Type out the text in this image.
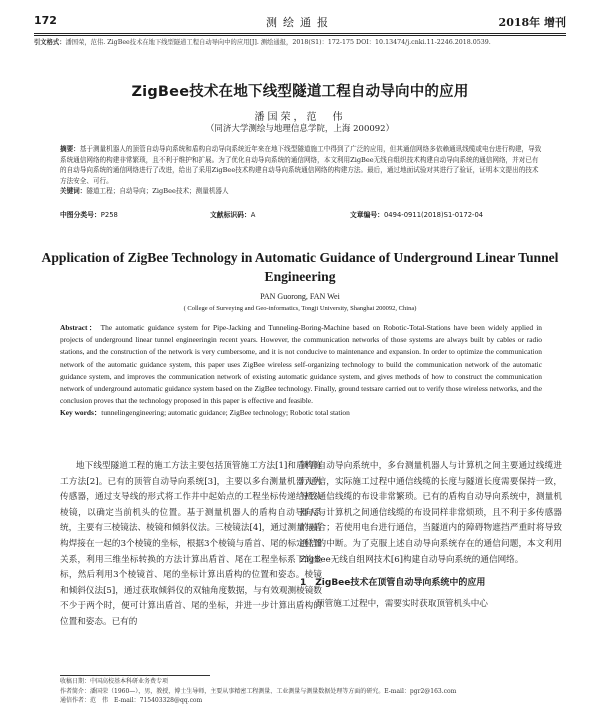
172	测绘通报	2018年 增刊
引文格式：潘国荣，范伟. ZigBee技术在地下线型隧道工程自动导向中的应用[J]. 测绘通报，2018(S1)：172-175 DOI：10.13474/j.cnki.11-2246.2018.0539.
ZigBee技术在地下线型隧道工程自动导向中的应用
潘国荣，范　伟
（同济大学测绘与地理信息学院，上海 200092）
摘要：基于测量机器人的顶管自动导向系统和盾构自动导向系统近年来在地下线型隧道施工中得到了广泛的应用，但其通信网络多依赖通讯线缆或电台进行构建，导致系统通信网络的构建非常繁琐，且不利于维护和扩展。为了优化自动导向系统的通信网络，本文利用ZigBee无线自组织技术构建自动导向系统的通信网络，并对已有的自动导向系统的通信网络进行了改进，给出了采用ZigBee技术构建自动导向系统通信网络的构建方法。最后，通过地面试验对其进行了验证，证明本文提出的技术方法安全、可行。
关键词：隧道工程；自动导向；ZigBee技术；测量机器人
中图分类号：P258	文献标识码：A	文章编号：0494-0911(2018)S1-0172-04
Application of ZigBee Technology in Automatic Guidance of Underground Linear Tunnel Engineering
PAN Guorong, FAN Wei
( College of Surveying and Geo-informatics, Tongji University, Shanghai 200092, China)
Abstract： The automatic guidance system for Pipe-Jacking and Tunneling-Boring-Machine based on Robotic-Total-Stations have been widely applied in projects of underground linear tunnel engineeringin recent years. However, the communication networks of those systems are always built by cables or radio stations, and the construction of the network is very cumbersome, and it is not conducive to maintenance and expansion. In order to optimize the communication network of the automatic guidance system, this paper uses ZigBee wireless self-organizing technology to build the communication network of the automatic guidance system, and improves the communication network of existing automatic guidance system, and gives methods of how to construct the communication network of underground automatic guidance system based on the ZigBee technology. Finally, ground testsare carried out to verify those wireless networks, and the conclusion proves that the technology proposed in this paper is effective and feasible.
Key words：tunnelingengineering; automatic guidance; ZigBee technology; Robotic total station
地下线型隧道工程的施工方法主要包括顶管施工方法[1]和盾构施工方法[2]。已有的顶管自动导向系统[3]，主要以多台测量机器人为传感器，通过支导线的形式将工作井中起始点的工程坐标传递给机头棱镜，以确定当前机头的位置。基于测量机器人的盾构自动导向系统，主要有三棱镜法、棱镜和倾斜仪法。三棱镜法[4]，通过测量与盾构焊接在一起的3个棱镜的坐标，根据3个棱镜与盾首、尾的标定位置关系，利用三维坐标转换的方法计算出盾首、尾在工程坐标系下的坐标，然后利用3个棱镜首、尾的坐标计算出盾构的位置和姿态。棱镜和倾斜仪法[5]，通过获取倾斜仪的双轴角度数据，与有效观测棱镜数不少于两个时，便可计算出盾首、尾的坐标，并进一步计算出盾构的位置和姿态。已有的
顶管自动导向系统中，多台测量机器人与计算机之间主要通过线缆进行通信，实际施工过程中通信线缆的长度与隧道长度需要保持一致，导致通信线缆的布设非常繁琐。已有的盾构自动导向系统中，测量机器人与计算机之间通信线缆的布设同样非常烦琐，且不利于多传感器的融合；若使用电台进行通信，当隧道内的障碍物遮挡严重时将导致通信的中断。为了克服上述自动导向系统存在的通信问题，本文利用ZigBee无线自组网技术[6]构建自动导向系统的通信网络。
1　ZigBee技术在顶管自动导向系统中的应用
顶管施工过程中，需要实时获取顶管机头中心
收稿日期：中国高校基本科研业务费专项
作者简介：潘国荣（1960—），男，教授，博士生导师，主要从事精密工程测量、工业测量与测量数据处理等方面的研究。E-mail：pgr2@163.com
通信作者：范　伟　E-mail：715403328@qq.com
